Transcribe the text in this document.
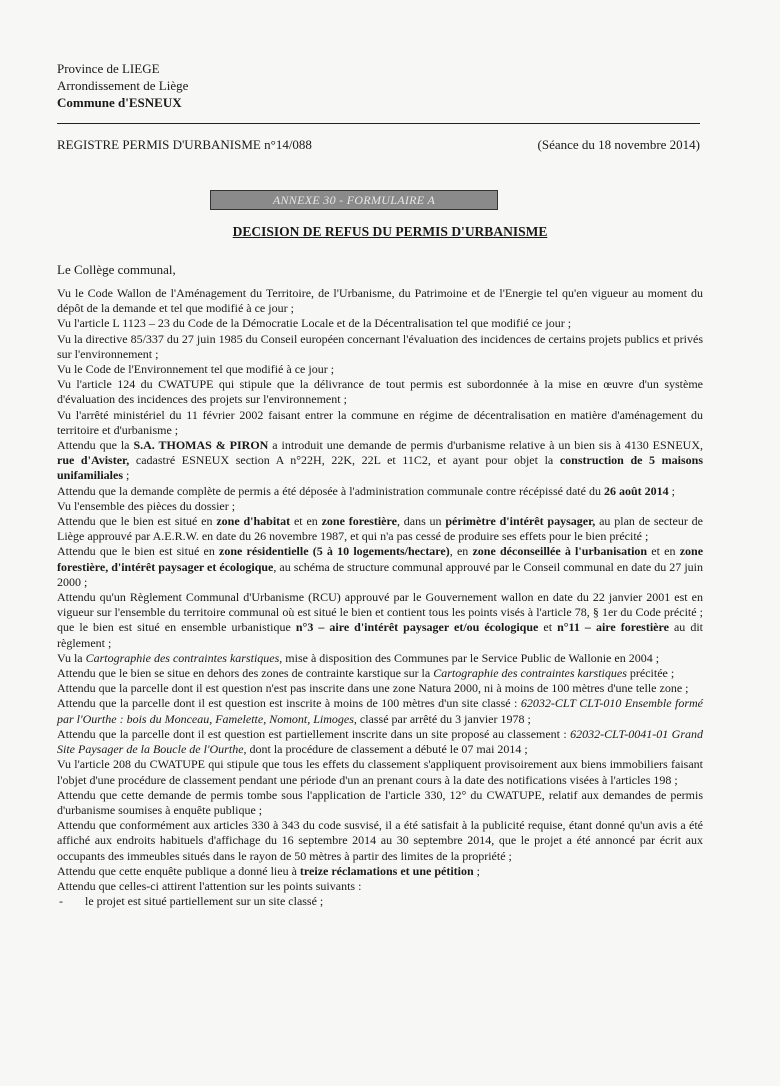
Province de LIEGE
Arrondissement de Liège
Commune d'ESNEUX
REGISTRE PERMIS D'URBANISME n°14/088	(Séance du 18 novembre 2014)
ANNEXE 30 - FORMULAIRE A
DECISION DE REFUS DU PERMIS D'URBANISME
Le Collège communal,

Vu le Code Wallon de l'Aménagement du Territoire, de l'Urbanisme, du Patrimoine et de l'Energie tel qu'en vigueur au moment du dépôt de la demande et tel que modifié à ce jour ;

Vu l'article L 1123 – 23 du Code de la Démocratie Locale et de la Décentralisation tel que modifié ce jour ;

Vu la directive 85/337 du 27 juin 1985 du Conseil européen concernant l'évaluation des incidences de certains projets publics et privés sur l'environnement ;

Vu le Code de l'Environnement tel que modifié à ce jour ;

Vu l'article 124 du CWATUPE qui stipule que la délivrance de tout permis est subordonnée à la mise en œuvre d'un système d'évaluation des incidences des projets sur l'environnement ;

Vu l'arrêté ministériel du 11 février 2002 faisant entrer la commune en régime de décentralisation en matière d'aménagement du territoire et d'urbanisme ;

Attendu que la S.A. THOMAS & PIRON a introduit une demande de permis d'urbanisme relative à un bien sis à 4130 ESNEUX, rue d'Avister, cadastré ESNEUX section A n°22H, 22K, 22L et 11C2, et ayant pour objet la construction de 5 maisons unifamiliales ;

Attendu que la demande complète de permis a été déposée à l'administration communale contre récépissé daté du 26 août 2014 ;

Vu l'ensemble des pièces du dossier ;

Attendu que le bien est situé en zone d'habitat et en zone forestière, dans un périmètre d'intérêt paysager, au plan de secteur de Liège approuvé par A.E.R.W. en date du 26 novembre 1987, et qui n'a pas cessé de produire ses effets pour le bien précité ;

Attendu que le bien est situé en zone résidentielle (5 à 10 logements/hectare), en zone déconseillée à l'urbanisation et en zone forestière, d'intérêt paysager et écologique, au schéma de structure communal approuvé par le Conseil communal en date du 27 juin 2000 ;

Attendu qu'un Règlement Communal d'Urbanisme (RCU) approuvé par le Gouvernement wallon en date du 22 janvier 2001 est en vigueur sur l'ensemble du territoire communal où est situé le bien et contient tous les points visés à l'article 78, § 1er du Code précité ; que le bien est situé en ensemble urbanistique n°3 – aire d'intérêt paysager et/ou écologique et n°11 – aire forestière au dit règlement ;

Vu la Cartographie des contraintes karstiques, mise à disposition des Communes par le Service Public de Wallonie en 2004 ;

Attendu que le bien se situe en dehors des zones de contrainte karstique sur la Cartographie des contraintes karstiques précitée ;

Attendu que la parcelle dont il est question n'est pas inscrite dans une zone Natura 2000, ni à moins de 100 mètres d'une telle zone ;

Attendu que la parcelle dont il est question est inscrite à moins de 100 mètres d'un site classé : 62032-CLT CLT-010 Ensemble formé par l'Ourthe : bois du Monceau, Famelette, Nomont, Limoges, classé par arrêté du 3 janvier 1978 ;

Attendu que la parcelle dont il est question est partiellement inscrite dans un site proposé au classement : 62032-CLT-0041-01 Grand Site Paysager de la Boucle de l'Ourthe, dont la procédure de classement a débuté le 07 mai 2014 ;

Vu l'article 208 du CWATUPE qui stipule que tous les effets du classement s'appliquent provisoirement aux biens immobiliers faisant l'objet d'une procédure de classement pendant une période d'un an prenant cours à la date des notifications visées à l'articles 198 ;

Attendu que cette demande de permis tombe sous l'application de l'article 330, 12° du CWATUPE, relatif aux demandes de permis d'urbanisme soumises à enquête publique ;

Attendu que conformément aux articles 330 à 343 du code susvisé, il a été satisfait à la publicité requise, étant donné qu'un avis a été affiché aux endroits habituels d'affichage du 16 septembre 2014 au 30 septembre 2014, que le projet a été annoncé par écrit aux occupants des immeubles situés dans le rayon de 50 mètres à partir des limites de la propriété ;

Attendu que cette enquête publique a donné lieu à treize réclamations et une pétition ;

Attendu que celles-ci attirent l'attention sur les points suivants :

-	le projet est situé partiellement sur un site classé ;
